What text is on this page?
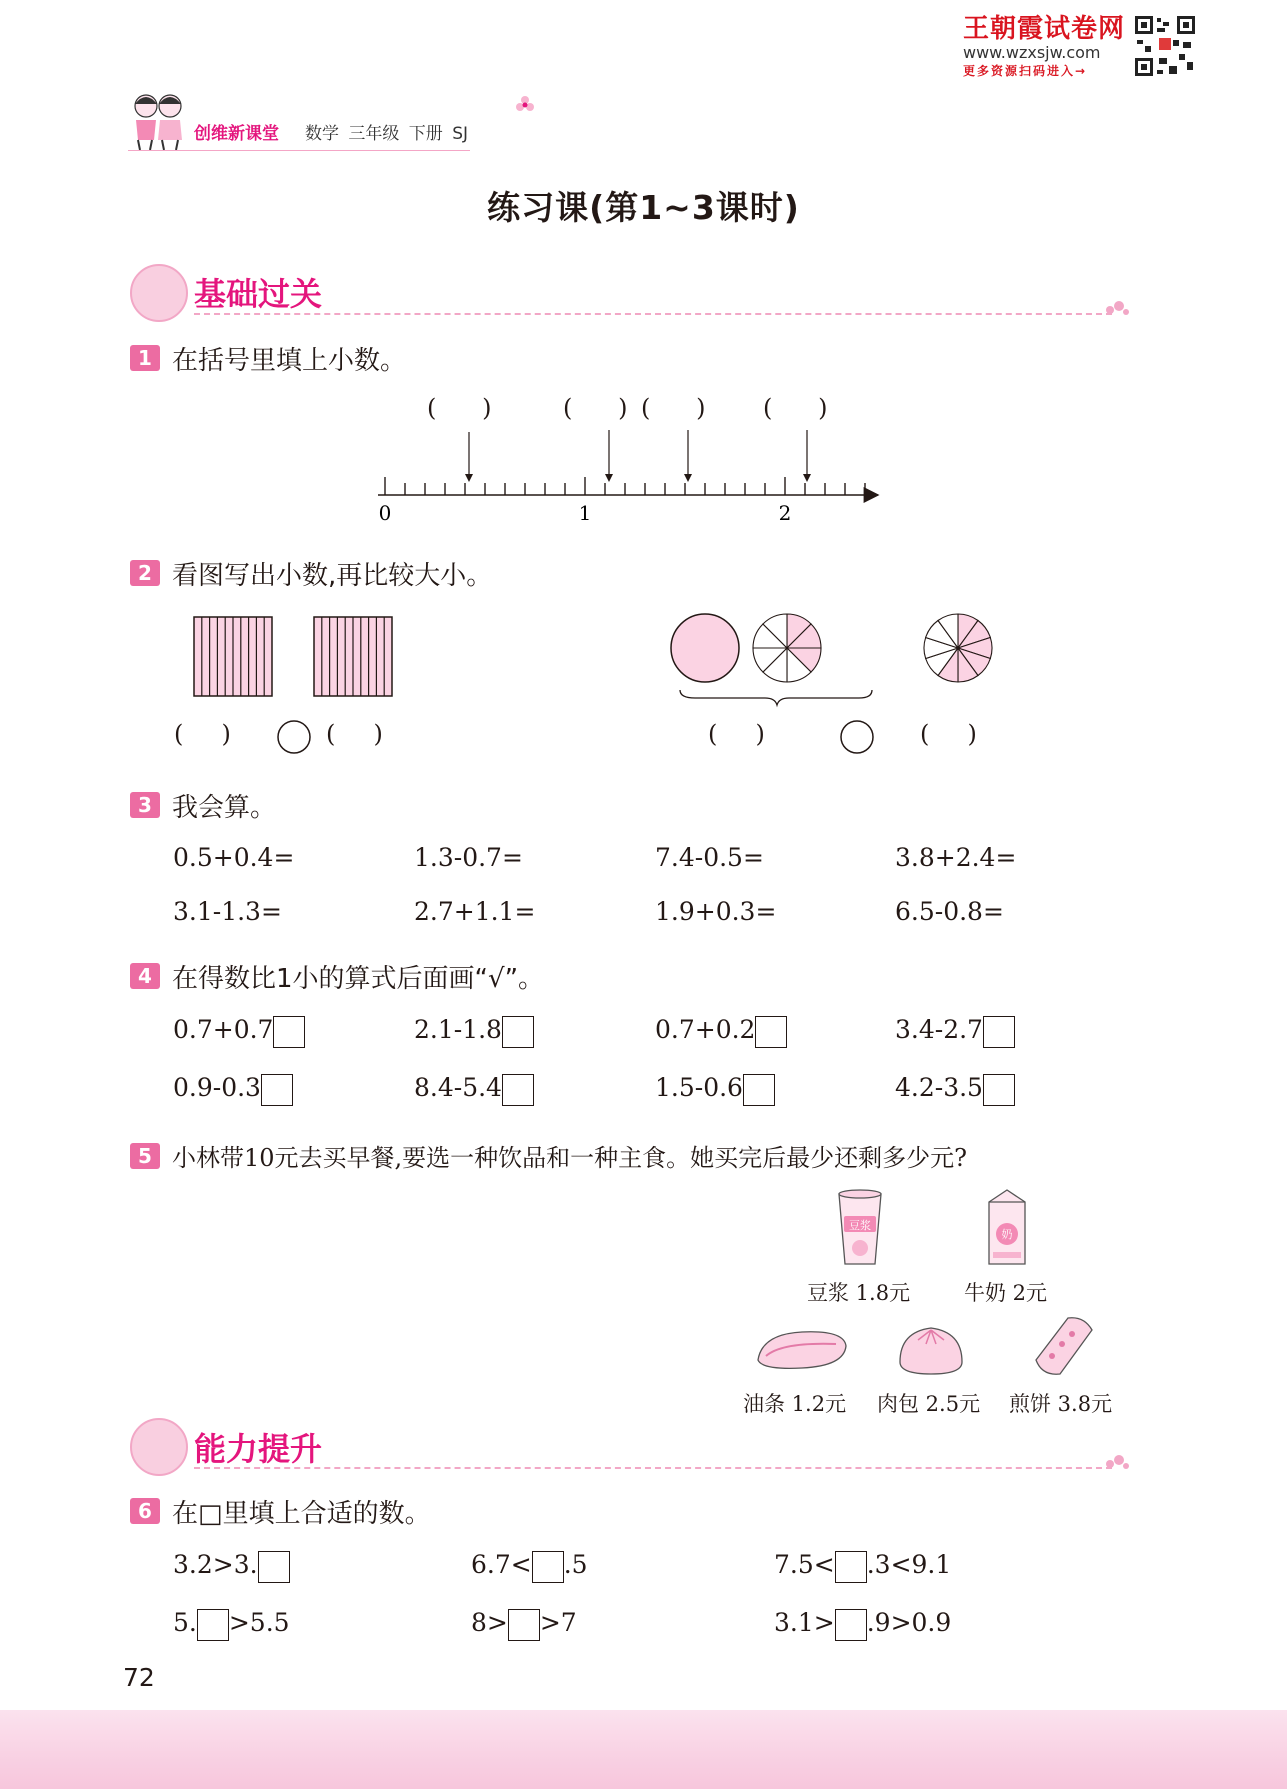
王朝霞试卷网
www.wzxsjw.com
更多资源扫码进入→
创维新课堂 数学 三年级 下册 SJ
练习课(第1~3课时)
基础过关
1 在括号里填上小数。
(      )	(      ) (      ) (      )
0	1	2
2 看图写出小数,再比较大小。
(     )	(     )	(     )	(     )
3 我会算。
0.5+0.4=	1.3-0.7=	7.4-0.5=	3.8+2.4=
3.1-1.3=	2.7+1.1=	1.9+0.3=	6.5-0.8=
4 在得数比1小的算式后面画“√”。
0.7+0.7	2.1-1.8	0.7+0.2	3.4-2.7
0.9-0.3	8.4-5.4	1.5-0.6	4.2-3.5
5 小林带10元去买早餐,要选一种饮品和一种主食。她买完后最少还剩多少元?
豆浆
奶
豆浆 1.8元	牛奶 2元
油条 1.2元 肉包 2.5元 煎饼 3.8元
能力提升
6 在□里填上合适的数。
3.2>3.	6.7< .5	7.5< .3<9.1
5. >5.5	8> >7	3.1> .9>0.9
72
